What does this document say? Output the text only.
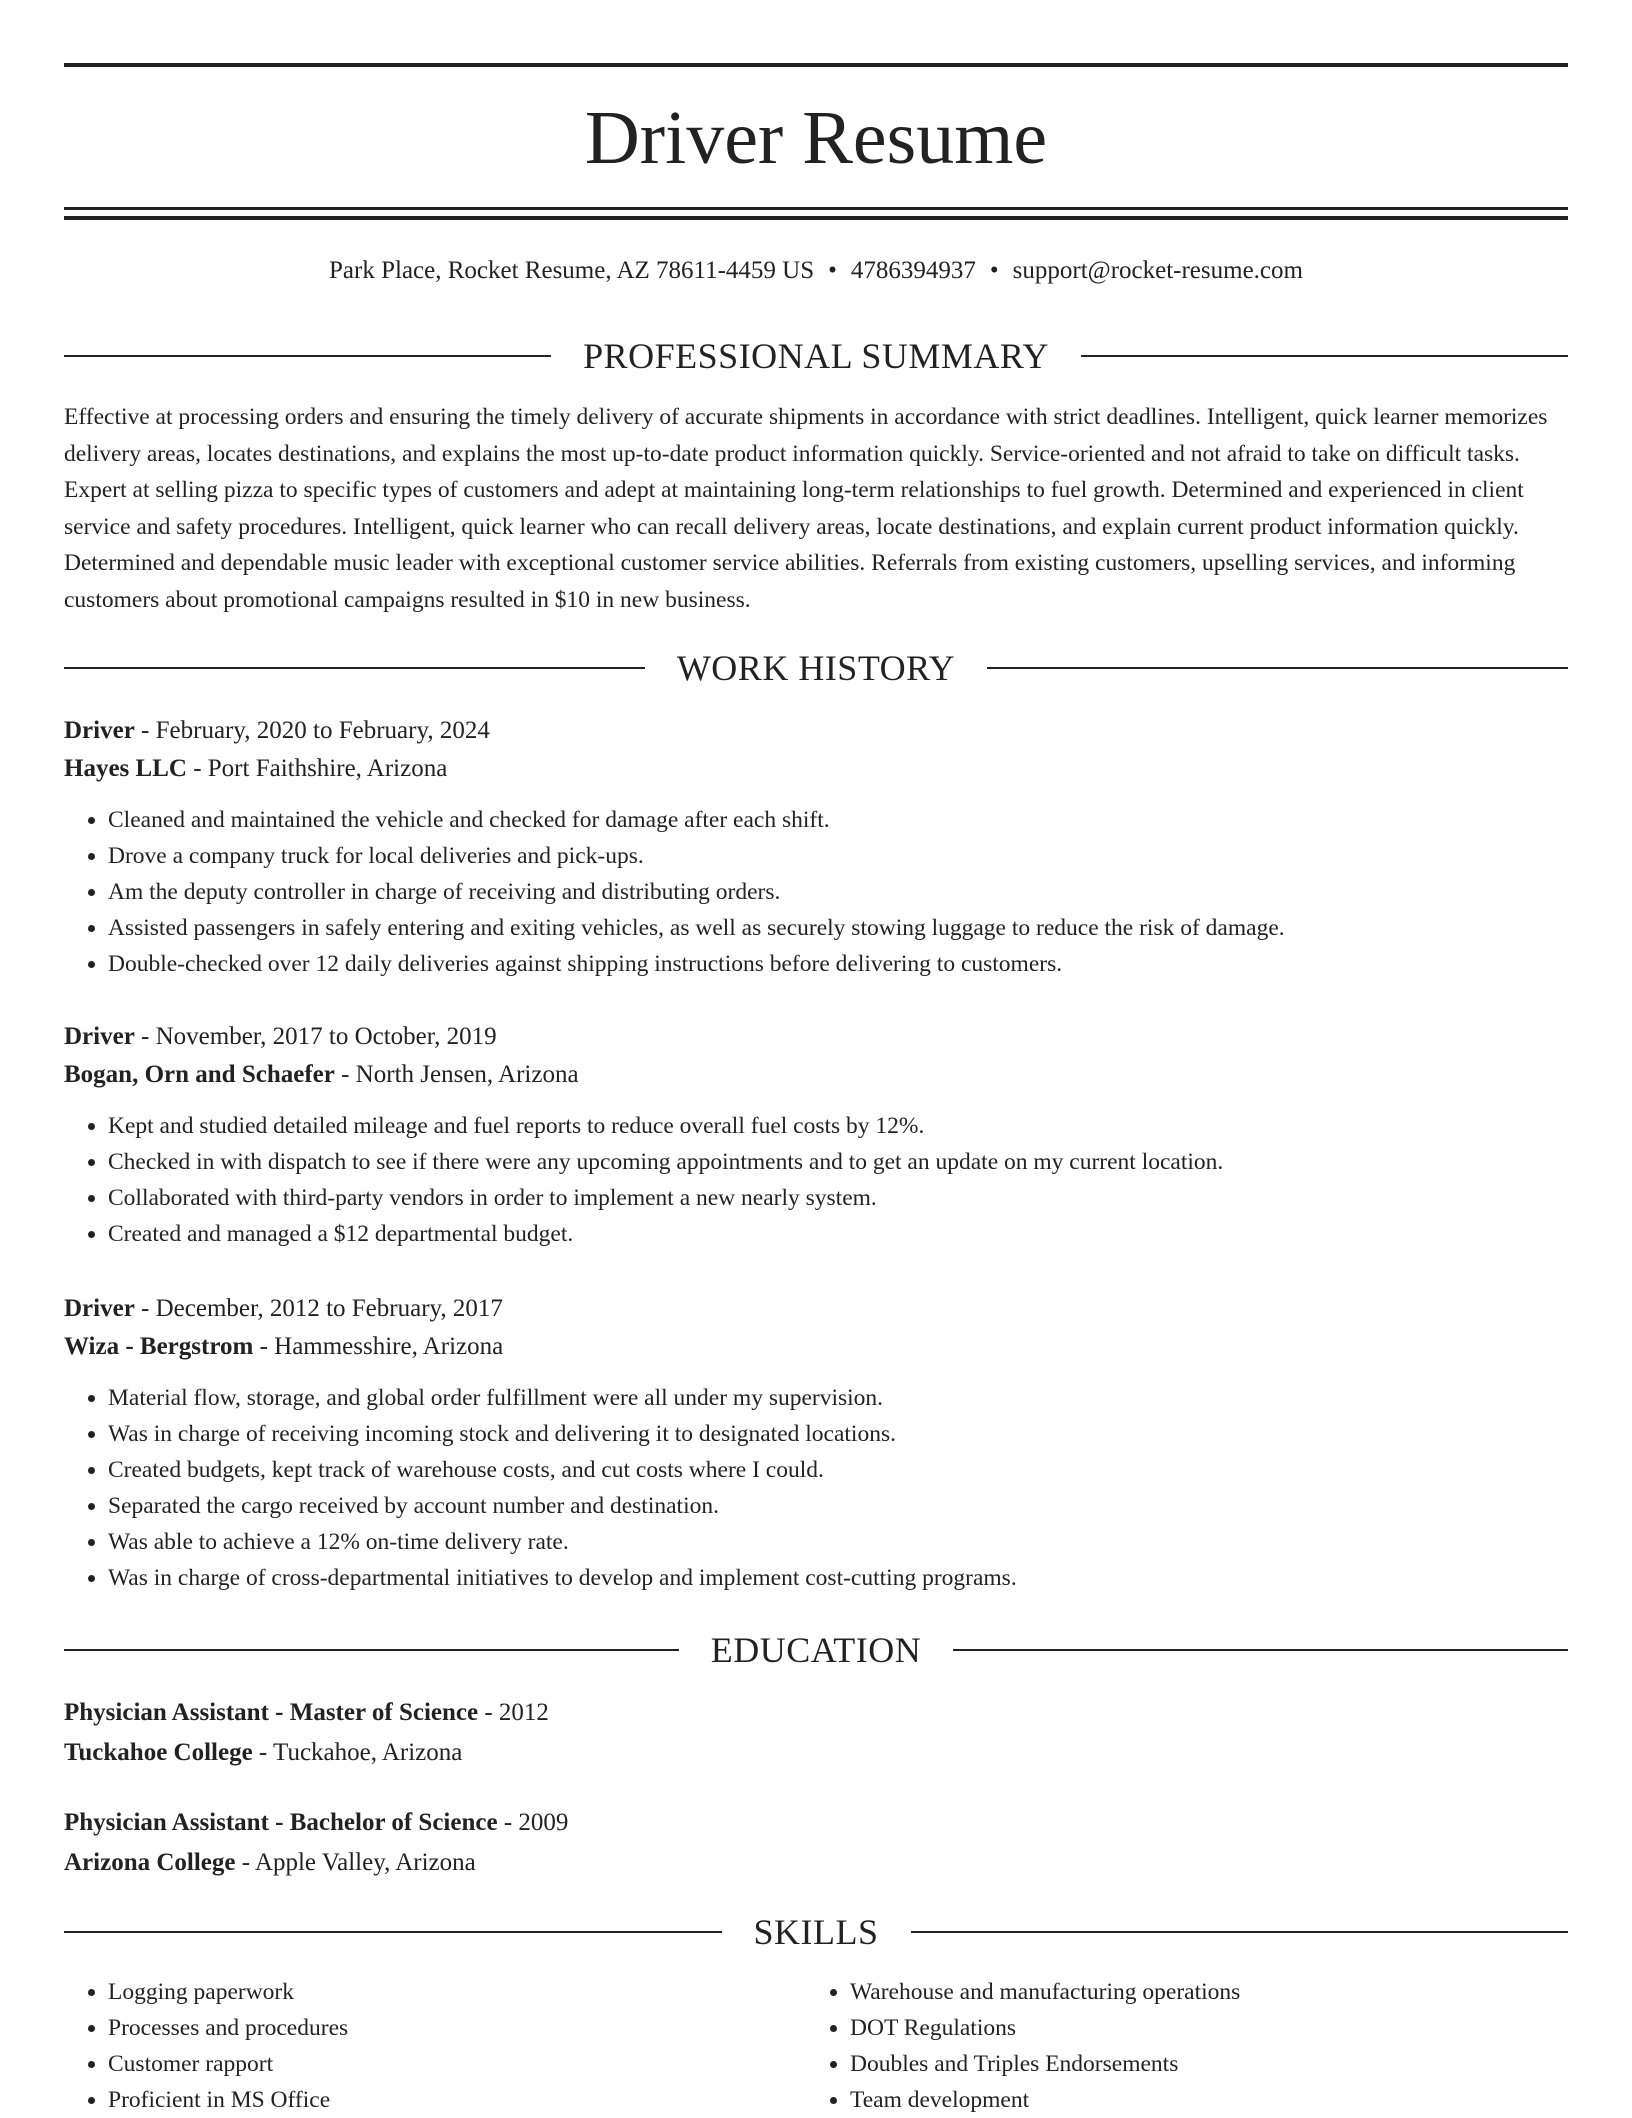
Driver Resume
Park Place, Rocket Resume, AZ 78611-4459 US • 4786394937 • support@rocket-resume.com
PROFESSIONAL SUMMARY

Effective at processing orders and ensuring the timely delivery of accurate shipments in accordance with strict deadlines. Intelligent, quick learner memorizes delivery areas, locates destinations, and explains the most up-to-date product information quickly. Service-oriented and not afraid to take on difficult tasks. Expert at selling pizza to specific types of customers and adept at maintaining long-term relationships to fuel growth. Determined and experienced in client service and safety procedures. Intelligent, quick learner who can recall delivery areas, locate destinations, and explain current product information quickly. Determined and dependable music leader with exceptional customer service abilities. Referrals from existing customers, upselling services, and informing customers about promotional campaigns resulted in $10 in new business.

WORK HISTORY
Driver - February, 2020 to February, 2024
Hayes LLC - Port Faithshire, Arizona
• Cleaned and maintained the vehicle and checked for damage after each shift.
• Drove a company truck for local deliveries and pick-ups.
• Am the deputy controller in charge of receiving and distributing orders.
• Assisted passengers in safely entering and exiting vehicles, as well as securely stowing luggage to reduce the risk of damage.
• Double-checked over 12 daily deliveries against shipping instructions before delivering to customers.
Driver - November, 2017 to October, 2019
Bogan, Orn and Schaefer - North Jensen, Arizona
• Kept and studied detailed mileage and fuel reports to reduce overall fuel costs by 12%.
• Checked in with dispatch to see if there were any upcoming appointments and to get an update on my current location.
• Collaborated with third-party vendors in order to implement a new nearly system.
• Created and managed a $12 departmental budget.
Driver - December, 2012 to February, 2017
Wiza - Bergstrom - Hammesshire, Arizona
• Material flow, storage, and global order fulfillment were all under my supervision.
• Was in charge of receiving incoming stock and delivering it to designated locations.
• Created budgets, kept track of warehouse costs, and cut costs where I could.
• Separated the cargo received by account number and destination.
• Was able to achieve a 12% on-time delivery rate.
• Was in charge of cross-departmental initiatives to develop and implement cost-cutting programs.
EDUCATION
Physician Assistant - Master of Science - 2012
Tuckahoe College - Tuckahoe, Arizona
Physician Assistant - Bachelor of Science - 2009
Arizona College - Apple Valley, Arizona
SKILLS
• Logging paperwork
• Processes and procedures
• Customer rapport
• Proficient in MS Office
• Warehouse and manufacturing operations
• DOT Regulations
• Doubles and Triples Endorsements
• Team development
